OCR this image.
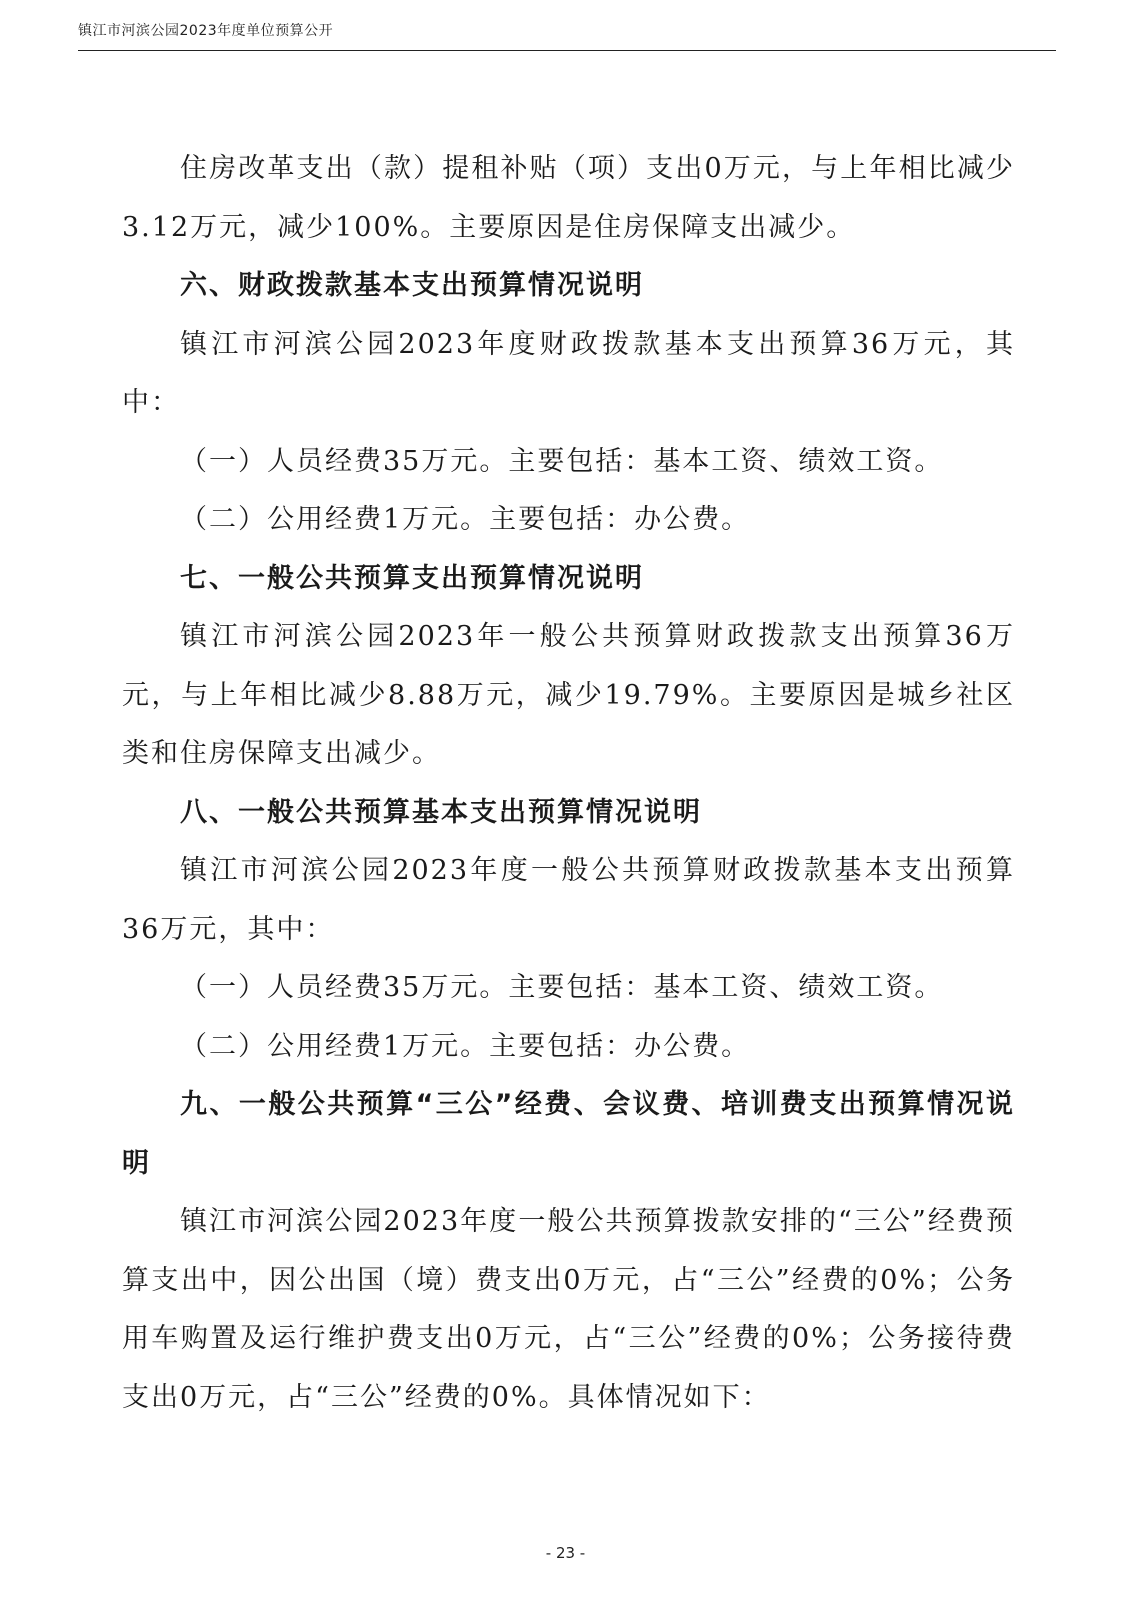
镇江市河滨公园2023年度单位预算公开

住房改革支出（款）提租补贴（项）支出0万元，与上年相比减少3.12万元，减少100%。主要原因是住房保障支出减少。

六、财政拨款基本支出预算情况说明

镇江市河滨公园2023年度财政拨款基本支出预算36万元，其中：

（一）人员经费35万元。主要包括：基本工资、绩效工资。

（二）公用经费1万元。主要包括：办公费。

七、一般公共预算支出预算情况说明

镇江市河滨公园2023年一般公共预算财政拨款支出预算36万元，与上年相比减少8.88万元，减少19.79%。主要原因是城乡社区类和住房保障支出减少。

八、一般公共预算基本支出预算情况说明

镇江市河滨公园2023年度一般公共预算财政拨款基本支出预算36万元，其中：

（一）人员经费35万元。主要包括：基本工资、绩效工资。

（二）公用经费1万元。主要包括：办公费。

九、一般公共预算“三公”经费、会议费、培训费支出预算情况说明

镇江市河滨公园2023年度一般公共预算拨款安排的“三公”经费预算支出中，因公出国（境）费支出0万元，占“三公”经费的0%；公务用车购置及运行维护费支出0万元，占“三公”经费的0%；公务接待费支出0万元，占“三公”经费的0%。具体情况如下：

- 23 -
